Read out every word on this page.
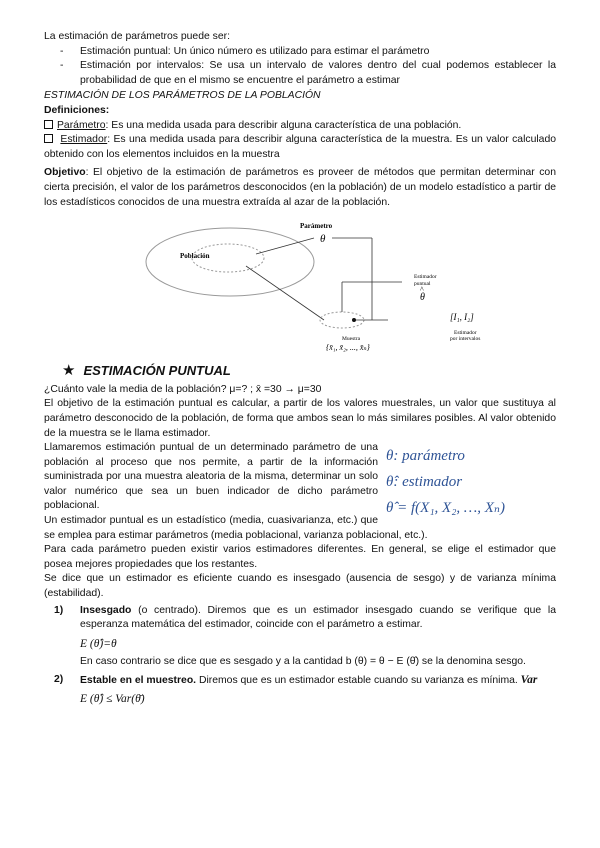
La estimación de parámetros puede ser:

-	Estimación puntual: Un único número es utilizado para estimar el parámetro
-	Estimación por intervalos: Se usa un intervalo de valores dentro del cual podemos establecer la probabilidad de que en el mismo se encuentre el parámetro a estimar

ESTIMACIÓN DE LOS PARÁMETROS DE LA POBLACIÓN

Definiciones:

Parámetro: Es una medida usada para describir alguna característica de una población.

Estimador: Es una medida usada para describir alguna característica de la muestra. Es un valor calculado obtenido con los elementos incluidos en la muestra

Objetivo: El objetivo de la estimación de parámetros es proveer de métodos que permitan determinar con cierta precisión, el valor de los parámetros desconocidos (en la población) de un modelo estadístico a partir de los estadísticos conocidos de una muestra extraída al azar de la población.

Población
Parámetro
θ
Estimador
puntual
θ
^
[I₁, I₂]
Estimador
por intervalos
Muestra
{x̄₁, x̄₂, ..., x̄ₙ}
★ ESTIMACIÓN PUNTUAL

¿Cuánto vale la media de la población? μ=? ; x̄ =30 → μ=30

El objetivo de la estimación puntual es calcular, a partir de los valores muestrales, un valor que sustituya al parámetro desconocido de la población, de forma que ambos sean lo más similares posibles. Al valor obtenido de la muestra se le llama estimador.

θ: parámetro
θ̂: estimador
θ̂ = f(X₁, X₂, …, Xₙ)

Llamaremos estimación puntual de un determinado parámetro de una población al proceso que nos permite, a partir de la información suministrada por una muestra aleatoria de la misma, determinar un solo valor numérico que sea un buen indicador de dicho parámetro poblacional.

Un estimador puntual es un estadístico (media, cuasivarianza, etc.) que se emplea para estimar parámetros (media poblacional, varianza poblacional, etc.).

Para cada parámetro pueden existir varios estimadores diferentes. En general, se elige el estimador que posea mejores propiedades que los restantes.

Se dice que un estimador es eficiente cuando es insesgado (ausencia de sesgo) y de varianza mínima (estabilidad).

1)	Insesgado (o centrado). Diremos que es un estimador insesgado cuando se verifique que la esperanza matemática del estimador, coincide con el parámetro a estimar.

E (θ̂)=θ

En caso contrario se dice que es sesgado y a la cantidad b (θ) = θ − E (θ̂) se la denomina sesgo.

2)	Estable en el muestreo. Diremos que es un estimador estable cuando su varianza es mínima. Var

E (θ̂) ≤ Var(θ̄)
